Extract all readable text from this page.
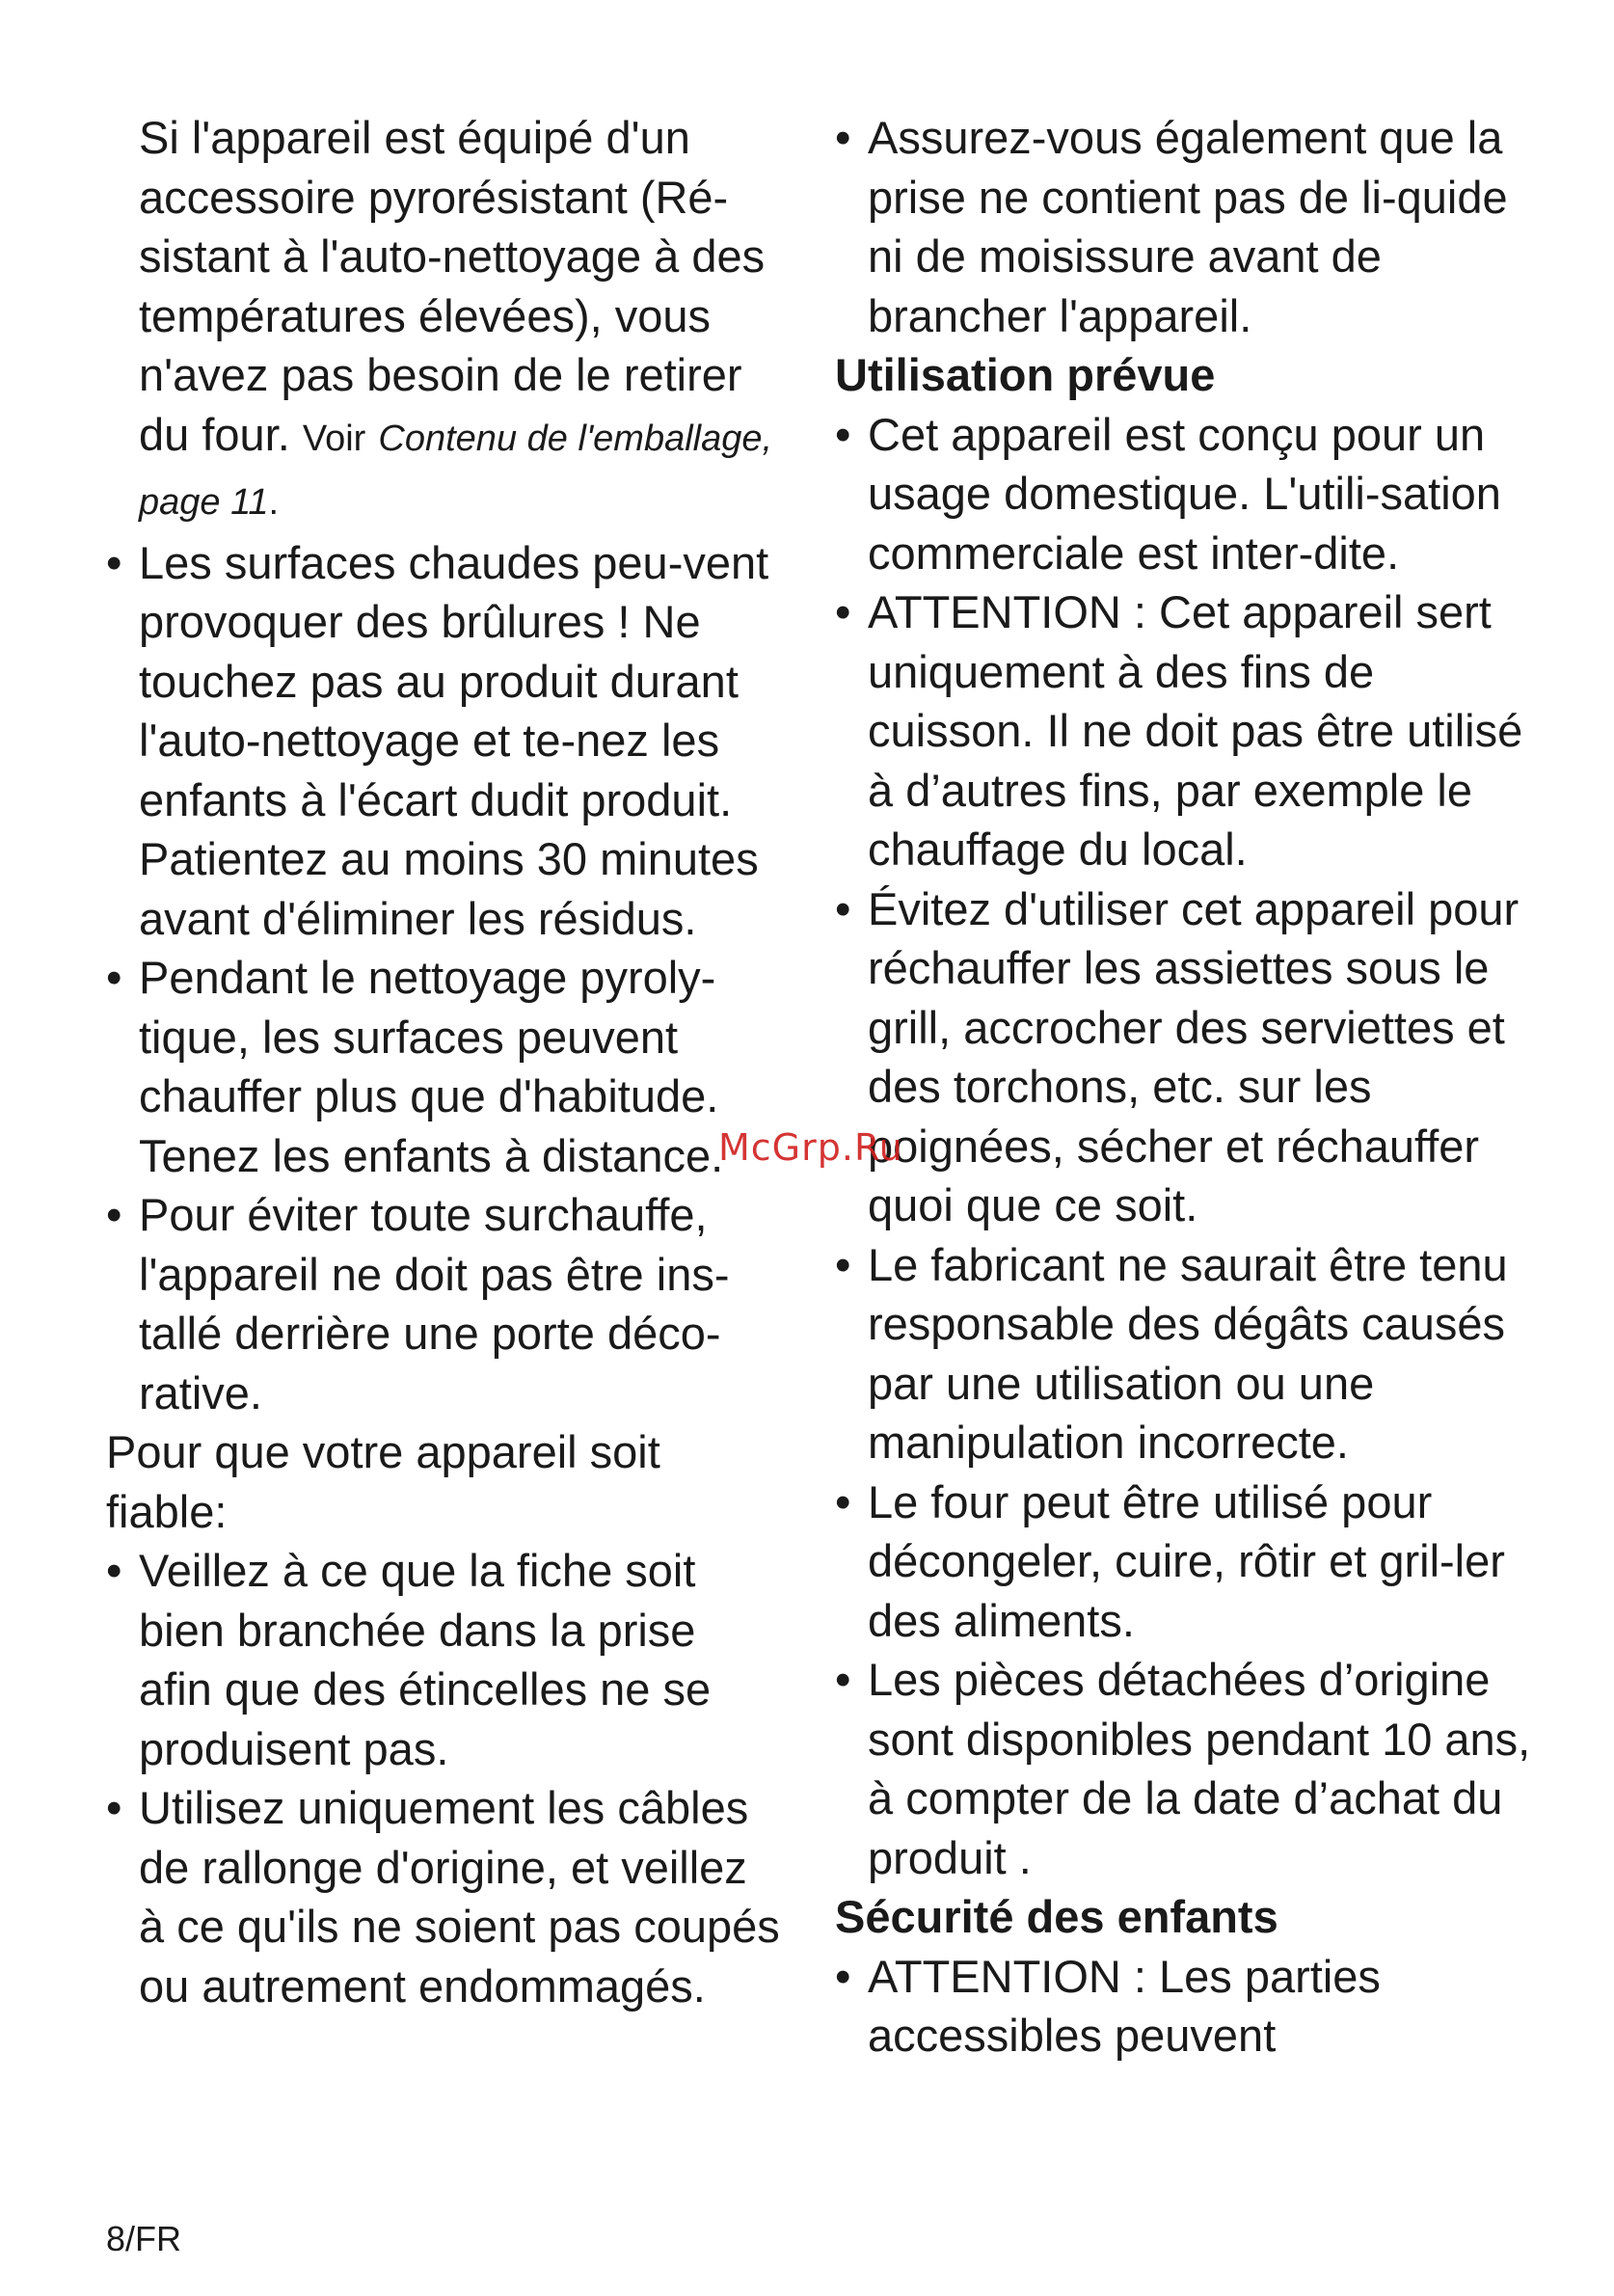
Si l'appareil est équipé d'un accessoire pyrorésistant (Ré-sistant à l'auto-nettoyage à des températures élevées), vous n'avez pas besoin de le retirer du four. Voir Contenu de l'emballage, page 11.

• Les surfaces chaudes peu-vent provoquer des brûlures ! Ne touchez pas au produit durant l'auto-nettoyage et te-nez les enfants à l'écart dudit produit. Patientez au moins 30 minutes avant d'éliminer les résidus.

• Pendant le nettoyage pyroly-tique, les surfaces peuvent chauffer plus que d'habitude. Tenez les enfants à distance.

• Pour éviter toute surchauffe, l'appareil ne doit pas être ins-tallé derrière une porte déco-rative.

Pour que votre appareil soit fiable:

• Veillez à ce que la fiche soit bien branchée dans la prise afin que des étincelles ne se produisent pas.

• Utilisez uniquement les câbles de rallonge d'origine, et veillez à ce qu'ils ne soient pas coupés ou autrement endommagés.

• Assurez-vous également que la prise ne contient pas de li-quide ni de moisissure avant de brancher l'appareil.

Utilisation prévue

• Cet appareil est conçu pour un usage domestique. L'utili-sation commerciale est inter-dite.

• ATTENTION : Cet appareil sert uniquement à des fins de cuisson. Il ne doit pas être utilisé à d’autres fins, par exemple le chauffage du local.

• Évitez d'utiliser cet appareil pour réchauffer les assiettes sous le grill, accrocher des serviettes et des torchons, etc. sur les poignées, sécher et réchauffer quoi que ce soit.

• Le fabricant ne saurait être tenu responsable des dégâts causés par une utilisation ou une manipulation incorrecte.

• Le four peut être utilisé pour décongeler, cuire, rôtir et gril-ler des aliments.

• Les pièces détachées d’origine sont disponibles pendant 10 ans, à compter de la date d’achat du produit .

Sécurité des enfants

• ATTENTION : Les parties accessibles peuvent

McGrp.Ru
8/FR
